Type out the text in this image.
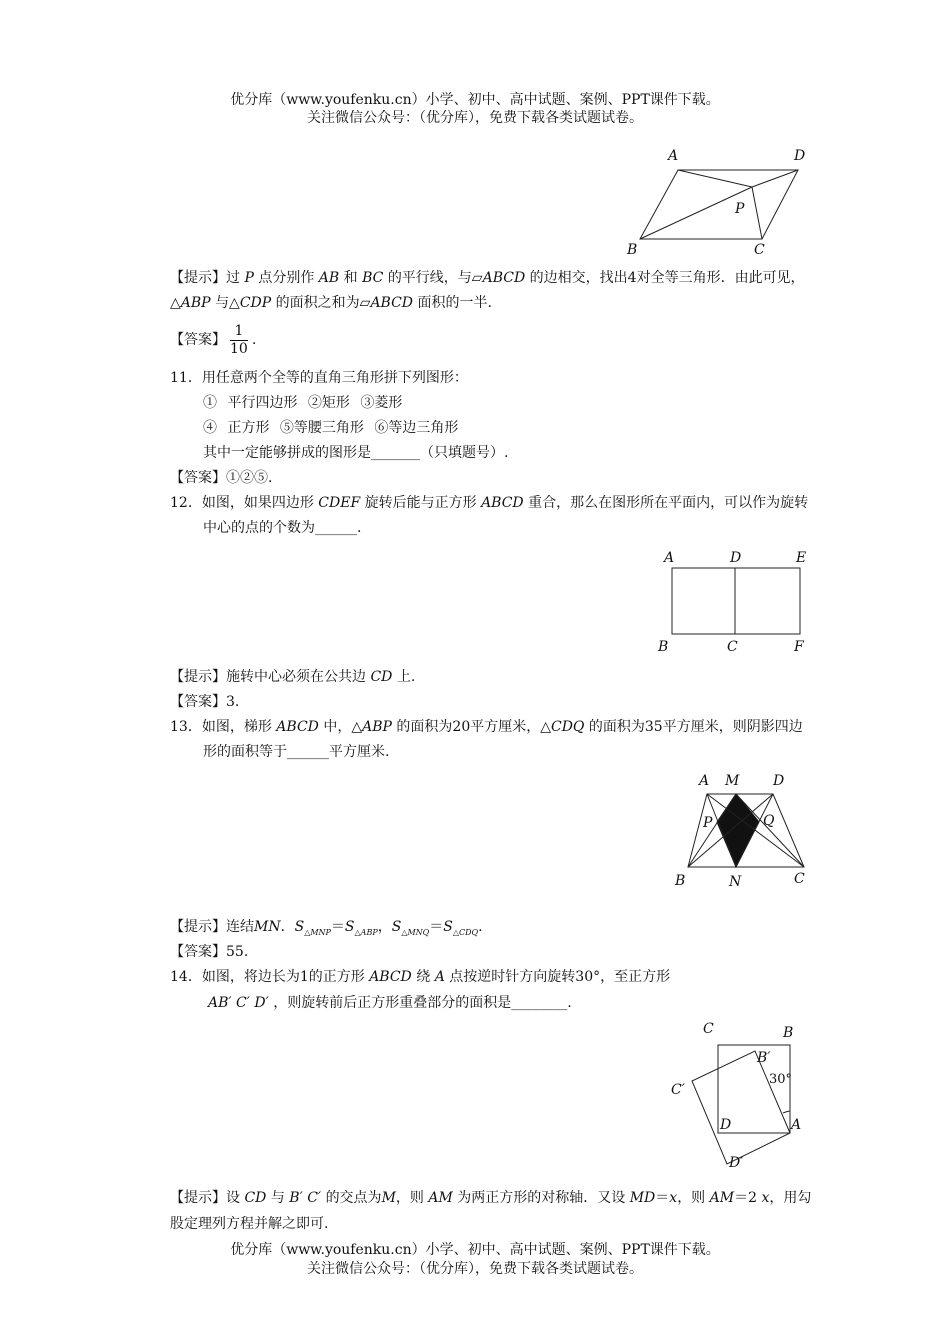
优分库（www.youfenku.cn）小学、初中、高中试题、案例、PPT课件下载。
关注微信公众号：（优分库），免费下载各类试题试卷。
A	D
P
B	C
【提示】过 P 点分别作 AB 和 BC 的平行线，与▱ABCD 的边相交，找出4对全等三角形．由此可见，
△ABP 与△CDP 的面积之和为▱ABCD 面积的一半.
【答案】 $\frac{1}{10}$ .
11．用任意两个全等的直角三角形拼下列图形：
① 平行四边形 ②矩形 ③菱形
④ 正方形 ⑤等腰三角形 ⑥等边三角形
其中一定能够拼成的图形是_______（只填题号）.
【答案】①②⑤.
12．如图，如果四边形 CDEF 旋转后能与正方形 ABCD 重合，那么在图形所在平面内，可以作为旋转
中心的点的个数为______.
A	D	E
B	C	F
【提示】施转中心必须在公共边 CD 上.
【答案】3.
13．如图，梯形 ABCD 中，△ABP 的面积为20平方厘米，△CDQ 的面积为35平方厘米，则阴影四边
形的面积等于______平方厘米.
A M D
P	Q
B	N	C
【提示】连结MN．$S_{\triangle MNP}=S_{\triangle ABP}$，$S_{\triangle MNQ}=S_{\triangle CDQ}$.
【答案】55.
14．如图，将边长为1的正方形 ABCD 绕 A 点按逆时针方向旋转30°，至正方形
AB′ C′ D′ ，则旋转前后正方形重叠部分的面积是________.
C	B
B′
30°
C′
D	A
D′
【提示】设 CD 与 B′ C′ 的交点为M，则 AM 为两正方形的对称轴．又设 MD＝x，则 AM＝2 x，用勾
股定理列方程并解之即可.
优分库（www.youfenku.cn）小学、初中、高中试题、案例、PPT课件下载。
关注微信公众号：（优分库），免费下载各类试题试卷。
